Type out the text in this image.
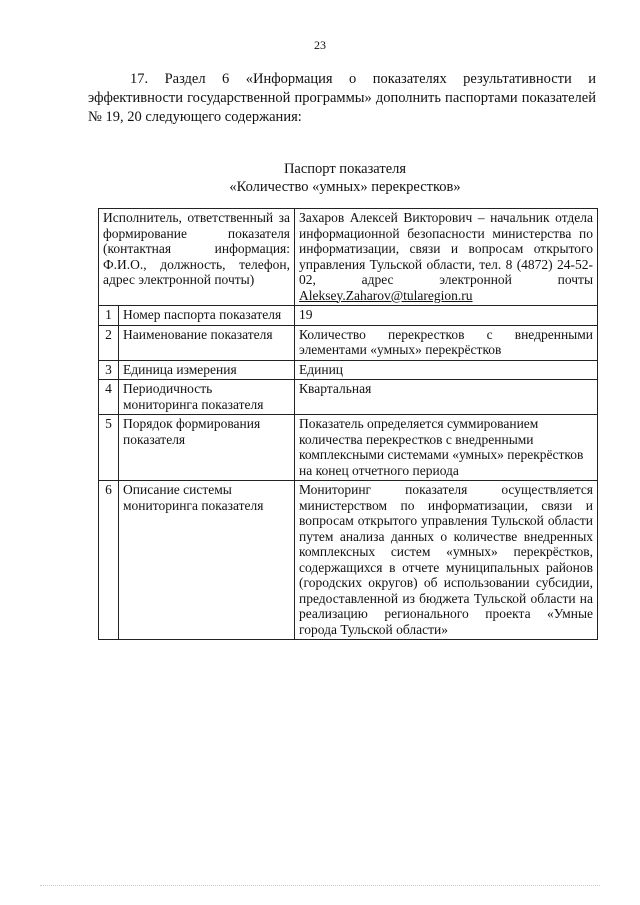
23

17. Раздел 6 «Информация о показателях результативности и эффективности государственной программы» дополнить паспортами показателей № 19, 20 следующего содержания:

Паспорт показателя
«Количество «умных» перекрестков»
Исполнитель, ответственный за формирование показателя (контактная информация: Ф.И.О., должность, телефон, адрес электронной почты)		Захаров Алексей Викторович – начальник отдела информационной безопасности министерства по информатизации, связи и вопросам открытого управления Тульской области, тел. 8 (4872) 24-52-02, адрес электронной почты Aleksey.Zaharov@tularegion.ru
1	Номер паспорта показателя	19
2	Наименование показателя	Количество перекрестков с внедренными элементами «умных» перекрёстков
3	Единица измерения	Единиц
4	Периодичность мониторинга показателя	Квартальная
5	Порядок формирования показателя	Показатель определяется суммированием количества перекрестков с внедренными комплексными системами «умных» перекрёстков на конец отчетного периода
6	Описание системы мониторинга показателя	Мониторинг показателя осуществляется министерством по информатизации, связи и вопросам открытого управления Тульской области путем анализа данных о количестве внедренных комплексных систем «умных» перекрёстков, содержащихся в отчете муниципальных районов (городских округов) об использовании субсидии, предоставленной из бюджета Тульской области на реализацию регионального проекта «Умные города Тульской области»
